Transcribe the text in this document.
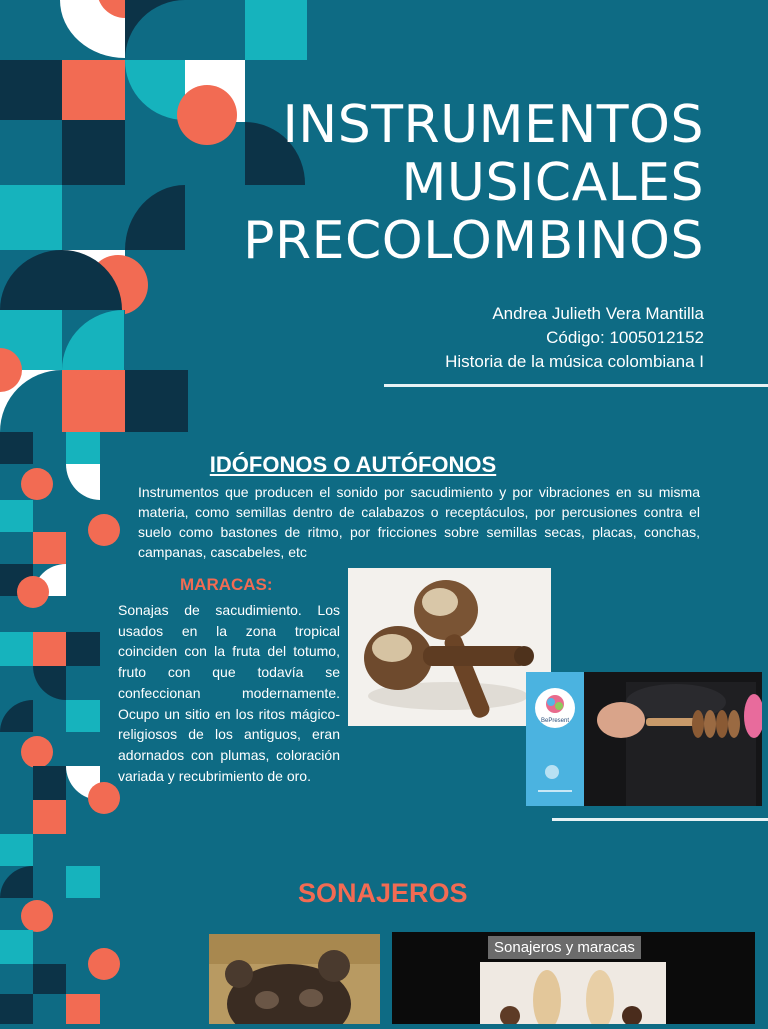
INSTRUMENTOS
MUSICALES
PRECOLOMBINOS
Andrea Julieth Vera Mantilla
Código: 1005012152
Historia de la música colombiana I
IDÓFONOS O AUTÓFONOS
Instrumentos que producen el sonido por sacudimiento y por vibraciones en su misma materia, como semillas dentro de calabazos o receptáculos, por percusiones contra el suelo como bastones de ritmo, por fricciones sobre semillas secas, placas, conchas, campanas, cascabeles, etc
MARACAS:
Sonajas de sacudimiento. Los usados en la zona tropical coinciden con la fruta del totumo, fruto con que todavía se confeccionan modernamente. Ocupo un sitio en los ritos mágico-religiosos de los antiguos, eran adornados con plumas, coloración variada y recubrimiento de oro.
BePresent
SONAJEROS
Sonajeros y maracas
